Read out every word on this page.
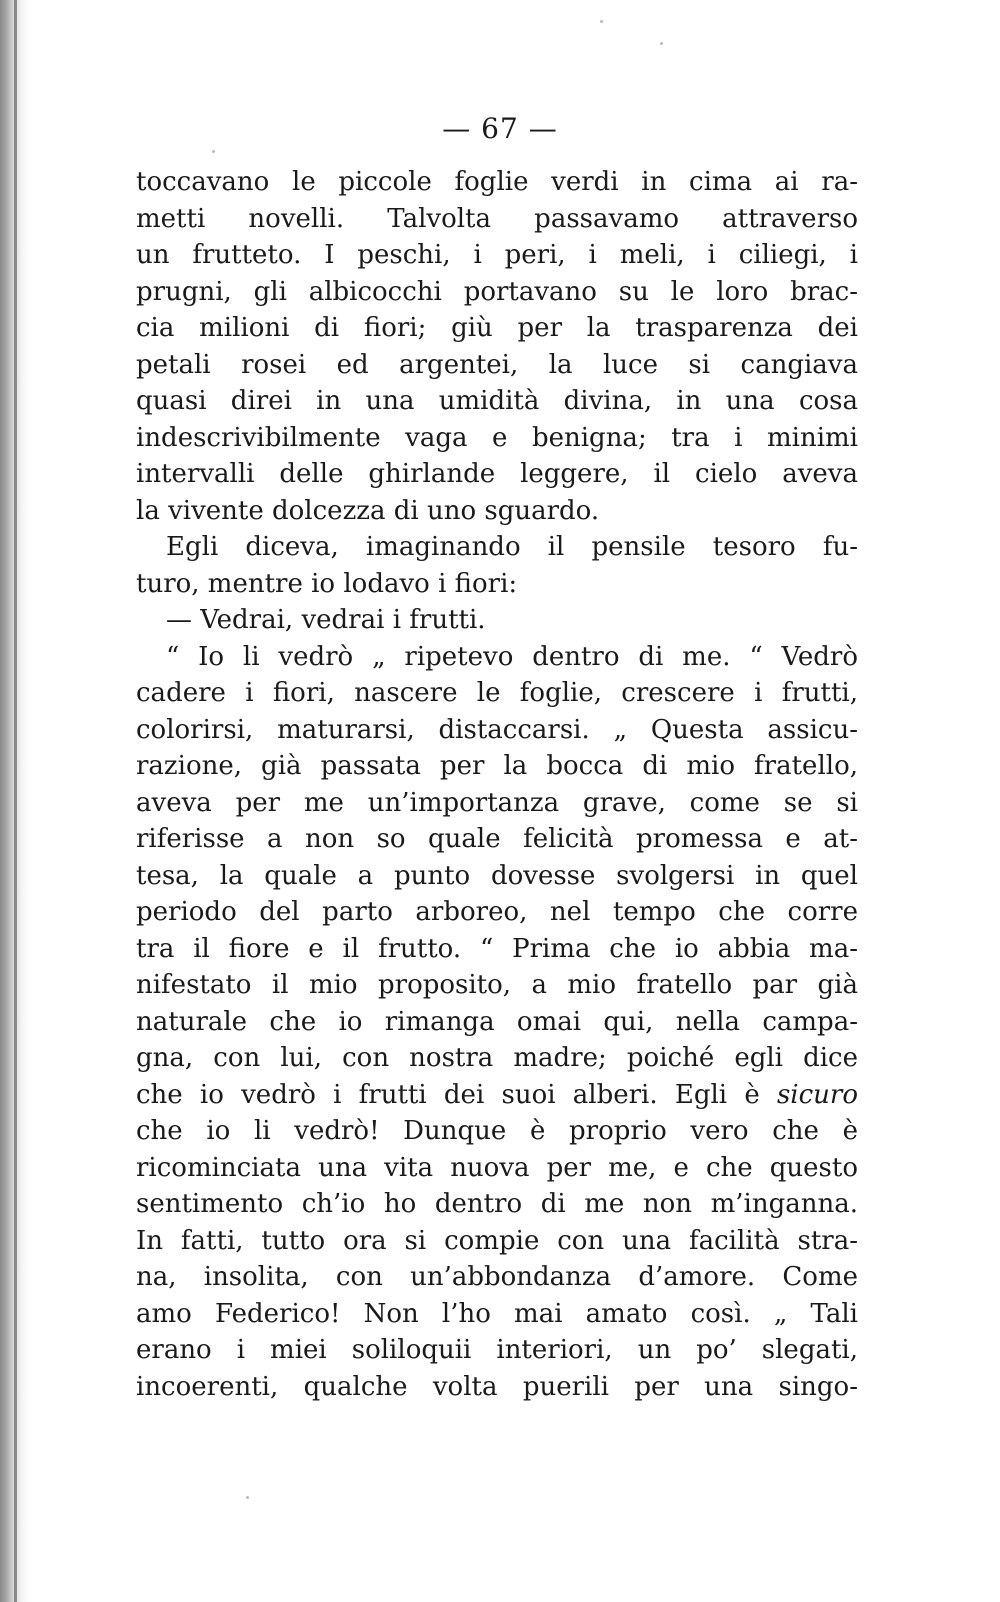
— 67 —
toccavano le piccole foglie verdi in cima ai ra-
metti novelli. Talvolta passavamo attraverso
un frutteto. I peschi, i peri, i meli, i ciliegi, i
prugni, gli albicocchi portavano su le loro brac-
cia milioni di fiori; giù per la trasparenza dei
petali rosei ed argentei, la luce si cangiava
quasi direi in una umidità divina, in una cosa
indescrivibilmente vaga e benigna; tra i minimi
intervalli delle ghirlande leggere, il cielo aveva
la vivente dolcezza di uno sguardo.
Egli diceva, imaginando il pensile tesoro fu-
turo, mentre io lodavo i fiori:
— Vedrai, vedrai i frutti.
“ Io li vedrò „ ripetevo dentro di me. “ Vedrò
cadere i fiori, nascere le foglie, crescere i frutti,
colorirsi, maturarsi, distaccarsi. „ Questa assicu-
razione, già passata per la bocca di mio fratello,
aveva per me un’importanza grave, come se si
riferisse a non so quale felicità promessa e at-
tesa, la quale a punto dovesse svolgersi in quel
periodo del parto arboreo, nel tempo che corre
tra il fiore e il frutto. “ Prima che io abbia ma-
nifestato il mio proposito, a mio fratello par già
naturale che io rimanga omai qui, nella campa-
gna, con lui, con nostra madre; poiché egli dice
che io vedrò i frutti dei suoi alberi. Egli è sicuro
che io li vedrò! Dunque è proprio vero che è
ricominciata una vita nuova per me, e che questo
sentimento ch’io ho dentro di me non m’inganna.
In fatti, tutto ora si compie con una facilità stra-
na, insolita, con un’abbondanza d’amore. Come
amo Federico! Non l’ho mai amato così. „ Tali
erano i miei soliloquii interiori, un po’ slegati,
incoerenti, qualche volta puerili per una singo-
